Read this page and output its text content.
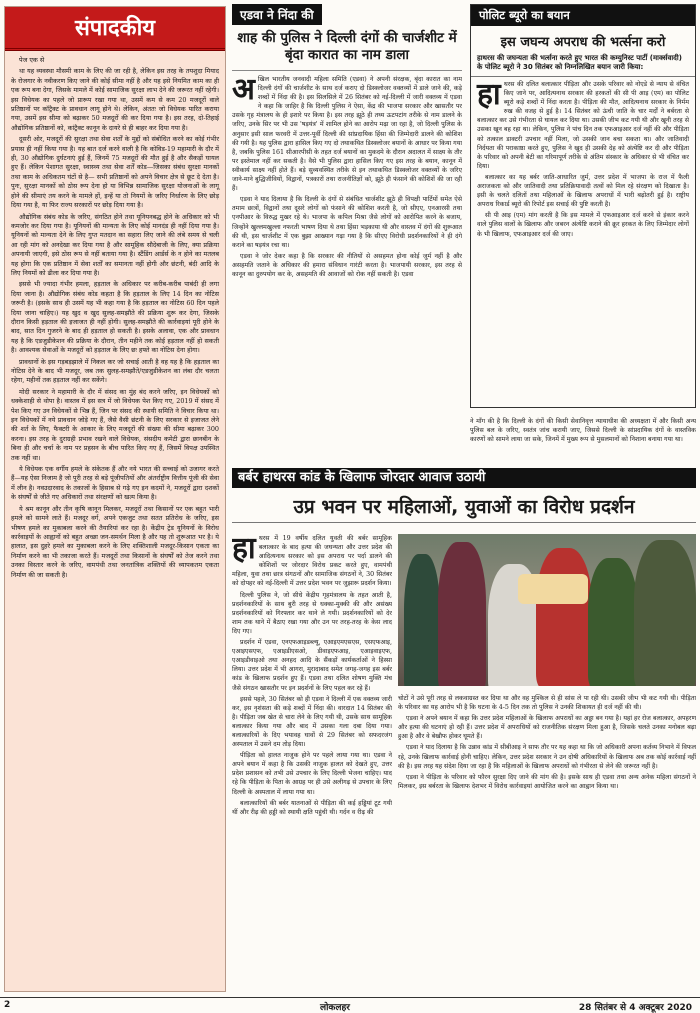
संपादकीय

पेज एक से

था यह व्यवस्था मौसमी काम के लिए की जा रही है, लेकिन इस तरह के तयशुदा मियाद के रोजगार के नवीकरण किए जाने की कोई सीमा नहीं है और यह इसे नियमित काम का ही एक रूप बना देगा, जिसके मामले में कोई सामाजिक सुरक्षा लाभ देने की जरूरत नहीं रहेगी। इस विधेयक का पहले जो प्रारूप रखा गया था, उसमें कम से कम 20 मजदूरों वाले प्रतिष्ठानों पर कॉट्रैक्ट के प्रावधान लागू होने थे। लेकिन, अंततः जो विधेयक पारित कराया गया, उसमें इस सीमा को बढ़ाकर 50 मजदूरों की कर दिया गया है। इस तरह, दो-तिहाई औद्योगिक प्रतिष्ठानों को, कांट्रैक्ट कानून के दायरे से ही बाहर कर दिया गया है।

दूसरी ओर, मजदूरों की सुरक्षा तथा सेवा शर्तों के मुद्दों को संबोधित करने का कोई गंभीर प्रयास ही नहीं किया गया है। यह बात दर्ज करने वाली है कि कोविड-19 महामारी के दौर में ही, 30 औद्योगिक दुर्घटनाएं हुई हैं, जिनमें 75 मजदूरों की मौत हुई है और सैकड़ों घायल हुए हैं। लेकिन पेशागत सुरक्षा, स्वास्थ्य तथा सेवा शर्तें कोड—जिसका संबंध सुरक्षा मानकों तथा काम के अधिकतम घंटों से है— सभी प्रतिष्ठानों को अपने विचार क्षेत्र से छूट दे देता है। पुनः, सुरक्षा मानकों को ठोस रूप देना हो या विभिन्न सामाजिक सुरक्षा योजनाओं के लागू होने की सीमाएं तय करने के मामले हों, इन्हें या तो नियमों के जरिए निर्धारण के लिए छोड़ दिया गया है, या फिर राज्य सरकारों पर छोड़ दिया गया है।

औद्योगिक संबंध कोड के जरिए, संगठित होने तथा यूनियनबद्ध होने के अधिकार को भी कमजोर कर दिया गया है। यूनियनों की मान्यता के लिए कोई मानदंड ही नहीं दिया गया है। यूनियनों को मान्यता देने के लिए गुप्त मतदान का सहारा लिए जाने की लंबे समय से चली आ रही मांग को अनदेखा कर दिया गया है और सामूहिक सौदेबाजी के लिए, क्या प्रक्रिया अपनायी जाएगी, इसे ठोस रूप से नहीं बताया गया है। स्टैंडिंग आर्डर्स के न होने का मतलब यह होगा कि एक प्रतिष्ठान में सेवा शर्तों का समानता नहीं होगी और छंटनी, बंदी आदि के लिए नियमों को ढीला कर दिया गया है।

इससे भी ज्यादा गंभीर हमला, हड़ताल के अधिकार पर करीब-करीब पाबंदी ही लगा दिया जाना है। औद्योगिक संबंध कोड कहता है कि हड़ताल के लिए 14 दिन का नोटिस जरूरी है। (इसके साथ ही उसमें यह भी कहा गया है कि हड़ताल का नोटिस 60 दिन पहले दिया जाना चाहिए।) यह खुद व खुद सुलह-समझौते की प्रक्रिया शुरू कर देगा, जिसके दौरान किसी हड़ताल की इजाजत ही नहीं होगी। सुलह-समझौते की कार्रवाइयां पूरी होने के बाद, सात दिन गुजरने के बाद ही हड़ताल हो सकती है। इसके अलावा, एक और प्रावधान यह है कि एडजुडीकेशन की प्रक्रिया के दौरान, तीन महीने तक कोई हड़ताल नहीं हो सकती है। आवश्यक सेवाओं के मजदूरों को हड़ताल के लिए छः हफ्ते का नोटिस देना होगा।

प्रावधानों के इस गड़बड़झाले में निकल कर जो सचाई आती है वह यह है कि हड़ताल का नोटिस देने के बाद भी मजदूर, जब तक सुलह-समझौते/एडजुडीकेशन का लंबा दौर चलता रहेगा, महीनों तक हड़ताल नहीं कर सकेंगे।

मोदी सरकार ने महामारी के दौर में संसद का मुंह बंद करने जरिए, इन विधेयकों को धक्केशाही से थोपा है। वास्तव में इस सत्र में जो विधेयक पेश किए गए, 2019 में संसद में पेश किए गए उन विधेयकों से भिन्न हैं, जिन पर संसद की स्थायी समिति ने विचार किया था। इन विधेयकों में नये प्रावधान जोड़े गए हैं, जैसे वैसी छंटनी के लिए सरकार से इजाजत लेने की शर्त के लिए, फैक्टरी के आकार के लिए मजदूरों की संख्या की सीमा बढ़ाकर 300 करना। इस तरह के दुराग्रही प्रभाव रखने वाले विधेयक, संसदीय कमेटी द्वारा छानबीन के बिना ही और चर्चा के नाम पर प्रहसन के बीच पारित किए गए हैं, जिसमें विपक्ष उपस्थित तक नहीं था।

ये विधेयक एक वर्गीय हमले के संकेतक हैं और नये भारत की सच्चाई को उजागर करते हैं—यह ऐसा निजाम है जो पूरी तरह से बड़े पूंजीपतियों और अंतर्राष्ट्रीय वित्तीय पूंजी की सेवा में लीन है। नवउदारवाद के तकाजों के हिसाब से गढ़े गए इन कदमों ने, मजदूरों द्वारा दशकों के संघर्षों से जीते गए अधिकारों तथा संरक्षणों को खत्म किया है।

ये श्रम कानून और तीन कृषि कानून मिलकर, मजदूरों तथा किसानों पर एक बहुत भारी हमले को सामने लाते हैं। मजदूर वर्ग, अपने एकजुट तथा सतत प्रतिरोध के जरिए, इस भीषण हमले का मुकाबला करने की तैयारियां कर रहा है। केंद्रीय ट्रेड यूनियनों के विरोध कार्रवाइयों के आह्वानों को बहुत अच्छा जन-समर्थन मिला है और यह तो शुरूआत भर है। ये हालात, इस दुहरे हमले का मुकाबला करने के लिए शक्तिशाली मजदूर-किसान एकता का निर्माण करने का भी तकाजा करते हैं। मजदूरों तथा किसानों के संघर्षों को तेज करने तथा उनका विस्तार करने के जरिए, वामपंथी तथा जनतांत्रिक शक्तियों की व्यापकतम एकता निर्माण की जा सकती है।

एडवा ने निंदा की
शाह की पुलिस ने दिल्ली दंगों की चार्जशीट में बृंदा कारात का नाम डाला
अ खिल भारतीय जनवादी महिला समिति (एडवा) ने अपनी संरक्षक, बृंदा कारात का नाम दिल्ली दंगों की चार्जशीट के साथ दर्ज कराए दो डिस्क्लोजर वक्तव्यों में डाले जाने की, कड़े शब्दों में निंदा की है। इस सिलसिले में 26 सितंबर को नई-दिल्ली में जारी वक्तव्य में एडवा ने कहा कि जाहिर है कि दिल्ली पुलिस ने ऐसा, केंद्र की भाजपा सरकार और खासतौर पर उसके गृह मंत्रालय के ही इशारे पर किया है। इस तरह झूठे ही तथ्य ऊटपटांग तरीके से नाम डालने के जरिए, उनके सिर पर भी उस 'षड़यंत्र' में शामिल होने का आरोप मढ़ा जा रहा है, जो दिल्ली पुलिस के अनुसार इसी साल फरवरी में उत्तर-पूर्वी दिल्ली की सांप्रदायिक हिंसा की जिम्मेदारी डालने की कोशिश की गयी है। यह पुलिस द्वारा हासिल किए गए दो तथाकथित डिस्क्लोजर बयानों के आधार पर किया गया है, जबकि पुलिस 161 सीआरपीसी के तहत दर्ज बयानों का मुकदमे के दौरान अदालत में साक्ष्य के तौर पर इस्तेमाल नहीं कर सकती है। वैसे भी पुलिस द्वारा हासिल किए गए इस तरह के बयान, कानून में स्वीकार्य साक्ष्य नहीं होते हैं। बड़े सुव्यवस्थित तरीके से इन तथाकथित डिस्क्लोजर वक्तव्यों के जरिए जाने-माने बुद्धिजीवियों, विद्वानों, पत्रकारों तथा राजनीतिज्ञों को, झूठे ही फंसाने की कोशिशें की जा रही हैं।

एडवा ने याद दिलाया है कि दिल्ली के दंगों से संबंधित चार्जशीट झूठे ही विपक्षी पार्टियों समेत ऐसे तमाम छात्रों, विद्वानों तथा दूसरे लोगों को फंसाने की कोशिश करती है, जो सीएए, एनआरसी तथा एनपीआर के विरुद्ध मुखर रहे थे। भाजपा के कपिल मिश्रा जैसे लोगों को आरोपित करने के बजाय, जिन्होंने खुल्लमखुल्ला नफरती भाषण दिया थे तथा हिंसा भड़काया थी और वास्तव में दंगों की शुरूआत की थी, इस चार्जशीट में एक बुझा आख्यान गढ़ा गया है कि सीएए विरोधी प्रदर्शनकारियों ने ही दंगे कराने का षड़यंत्र रचा था।

एडवा ने जोर देकर कहा है कि सरकार की नीतियों से असहमत होना कोई जुर्म नहीं है और असहमति जताने के अधिकार की हमारा संविधान गारंटी करता है। भाजपायी सरकार, इस तरह से कानून का दुरुपयोग कर के, असहमति की आवाजों को रोक नहीं सकती है। एडवा

पोलिट ब्यूरो का बयान
इस जघन्य अपराध की भर्त्सना करो
हाथरस की जघन्यता की भर्त्सना करते हुए भारत की कम्युनिस्ट पार्टी (मार्क्सवादी) के पोलिट ब्यूरो ने 30 सितंबर को निम्नलिखित बयान जारी किया:
हा थरस की दलित बलात्कार पीड़िता और उसके परिवार को नोएडे से न्याय से वंचित किए जाने पर, आदित्यनाथ सरकार की हरकतों की सी पी आइ (एम) का पोलिट ब्यूरो कड़े शब्दों में निंदा करता है। पीड़िता की मौत, आदित्यनाथ सरकार के निर्मम रुख की वजह से हुई है। 14 सितंबर को ऊंची जाति के चार मर्दों ने बर्बरता से बलात्कार कर उसे गंभीरता से घायल कर दिया था। उसकी जीभ कट गयी थी और खूनी तरह से उसका खून बह रहा था। लेकिन, पुलिस ने पांच दिन तक एफआइआर दर्ज नहीं की और पीड़िता को तत्काल डाक्टरी उपचार नहीं मिला, जो उसकी जान बचा सकता था। और जातिवादी निर्दयता की पराकाष्ठा करते हुए, पुलिस ने खुद ही उसकी देह को अंत्येष्टि कर दी और पीड़िता के परिवार को अपनी बेटी का गरिमापूर्ण तरीके से अंतिम संस्कार के अधिकार से भी वंचित कर दिया।

बलात्कार का यह बर्बर जाति-आधारित जुर्म, उत्तर प्रदेश में भाजपा के राज में फैली अराजकता को और जातिवादी तथा प्रतिक्रियावादी तत्वों को मिल रहे संरक्षण को दिखाता है। इसी के चलते दलितों तथा महिलाओं के खिलाफ अपराधों में भारी बढ़ोतरी हुई है। राष्ट्रीय अपराध रिकार्ड ब्यूरो की रिपोर्ट इस सचाई की पुष्टि करती है।

सी पी आइ (एम) मांग करती है कि इस मामले में एफआइआर दर्ज करने से इंकार करने वाले पुलिस वालों के खिलाफ और जबरन अंत्येष्टि कराने की क्रूर हरकत के लिए जिम्मेदार लोगों के भी खिलाफ, एफआइआर दर्ज की जाए।

ने माँग की है कि दिल्ली के दंगों की किसी सेवानिवृत्त न्यायाधीश की अध्यक्षता में और किसी अन्य पुलिस बल के जरिए, स्वतंत्र जांच करायी जाए, जिससे दिल्ली के सांप्रदायिक दंगों के वास्तविक कारणों को सामने लाया जा सके, जिनमें में मुख्य रूप से मुसलमानों को निशाना बनाया गया था।

बर्बर हाथरस कांड के खिलाफ जोरदार आवाज उठायी
उप्र भवन पर महिलाओं, युवाओं का विरोध प्रदर्शन
हा थरस में 19 वर्षीय दलित युवती की बर्बर सामूहिक बलात्कार के बाद हत्या की जघन्यता और उत्तर प्रदेश की आदित्यनाथ सरकार को इस अपराध पर पर्दा डालने की कोशिशों पर जोरदार विरोध प्रकट करते हुए, वामपंथी महिला, युवा तथा छात्र संगठनों और सामाजिक संगठनों ने, 30 सितंबर को दोपहर को नई-दिल्ली में उत्तर प्रदेश भवन पर जुझारू प्रदर्शन किया।

दिल्ली पुलिस ने, जो सीधे केंद्रीय गृहमंत्रालय के तहत आती है, प्रदर्शनकारियों के साथ बुरी तरह से धक्का-मुक्की की और असंख्य प्रदर्शनकारियों को गिरफ्तार कर थाने ले गयी। प्रदर्शनकारियों को देर शाम तक थाने में बैठाए रखा गया और उन पर तरह-तरह के केस लाद दिए गए।

प्रदर्शन में एडवा, एनएफआइडब्ल्यू, एआइएमएसएस, एसएफआइ, एआइएसएफ, एआइडीएसओ, डीवाइएफआइ, एआइवाइएफ, एआइडीवाइओ तथा अनहद आदि के सैंकड़ों कार्यकर्ताओं ने हिस्सा लिया। उत्तर प्रदेश में भी आगरा, मुरादाबाद समेत जगह-जगह इस बर्बर कांड के खिलाफ प्रदर्शन हुए हैं। एडवा तथा दलित शोषण मुक्ति मंच जैसे संगठन खासतौर पर इन प्रदर्शनों के लिए पहल कर रहे हैं।

इससे पहले, 30 सितंबर को ही एडवा ने दिल्ली में एक वक्तव्य जारी कर, इस नृशंसता की कड़े शब्दों में निंदा की। वारदात 14 सितंबर की है। पीड़िता जब खेत से चारा लेने के लिए गयी थी, उसके साथ सामूहिक बलात्कार किया गया और बाद में उसका गला दबा दिया गया। बलात्कारियों के दिए भयावह घावों से 29 सितंबर को सफदरजंग अस्पताल में उसने दम तोड़ दिया।

पीड़िता को हालत नाजुक होने पर पहले लाया गया था। एडवा ने अपने बयान में कहा है कि उसकी नाजुक हालत को देखते हुए, उत्तर प्रदेश प्रशासन को तभी उसे उपचार के लिए दिल्ली भेजना चाहिए। याद रहे कि पीड़िता के पिता के आग्रह पर ही उसे अलीगढ़ से उपचार के लिए दिल्ली के अस्पताल में लाया गया था।

बलात्कारियों की बर्बर यातनाओं से पीड़िता की कई हड्डियां टूट गयी थीं और रीढ़ की हड्डी को स्थायी क्षति पहुंची थी। गर्दन व रीढ़ की

चोटों ने उसे पूरी तरह से लकवाग्रस्त कर दिया था और वह मुश्किल से ही सांस ले पा रही थी। उसकी जीभ भी कट गयी थी। पीड़िता के परिवार का यह आरोप भी है कि घटना के 4-5 दिन तक तो पुलिस ने उनकी शिकायत ही दर्ज नहीं की थी।

एडवा ने अपने बयान में कहा कि उत्तर प्रदेश महिलाओं के खिलाफ अपराधों का अड्डा बन गया है। यहां हर रोज बलात्कार, अपहरण और हत्या की घटनाएं हो रही हैं। उत्तर प्रदेश में अपराधियों को राजनीतिक संरक्षण मिला हुआ है, जिसके चलते उनका मनोबल बढ़ा हुआ है और वे बेखौफ होकर घूमते हैं।

एडवा ने याद दिलाया है कि उन्नाव कांड में सीबीआइ ने साफ तौर पर यह कहा था कि जो अधिकारी अपना कर्तव्य निभाने में विफल रहे, उनके खिलाफ कार्रवाई होनी चाहिए। लेकिन, उत्तर प्रदेश सरकार ने उन दोषी अधिकारियों के खिलाफ अब तक कोई कार्रवाई नहीं की है। इस तरह यह संदेश दिया जा रहा है कि महिलाओं के खिलाफ अपराधों को गंभीरता से लेने की जरूरत नहीं है।

एडवा ने पीड़िता के परिवार को फौरन सुरक्षा दिए जाने की मांग की है। इसके साथ ही एडवा तथा अन्य अनेक महिला संगठनों ने मिलकर, इस बर्बरता के खिलाफ देशभर में विरोध कार्रवाइयां आयोजित करने का आह्वान किया था।

2	लोकलहर	28 सितंबर से 4 अक्टूबर 2020
